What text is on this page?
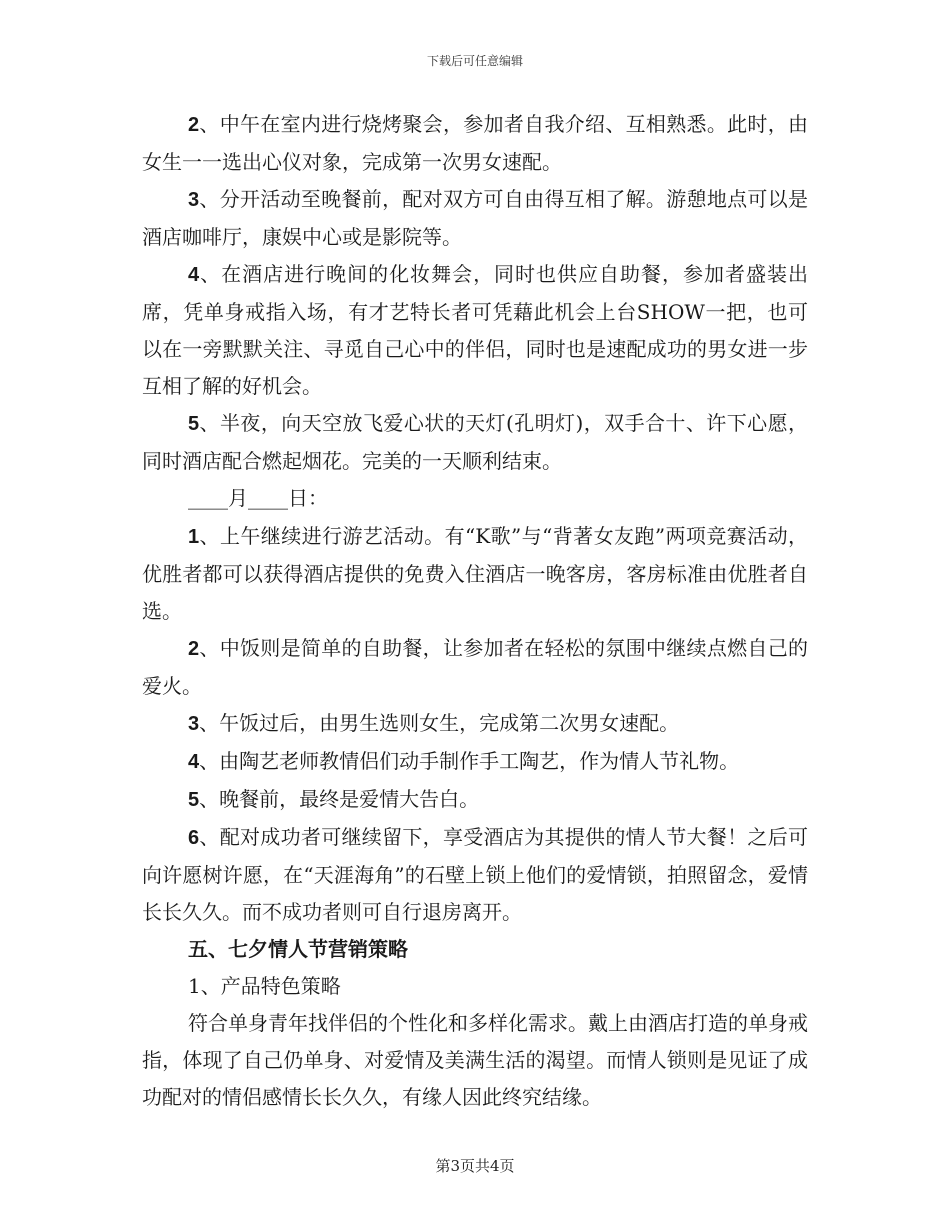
下载后可任意编辑

2、中午在室内进行烧烤聚会，参加者自我介绍、互相熟悉。此时，由女生一一选出心仪对象，完成第一次男女速配。

3、分开活动至晚餐前，配对双方可自由得互相了解。游憩地点可以是酒店咖啡厅，康娱中心或是影院等。

4、在酒店进行晚间的化妆舞会，同时也供应自助餐，参加者盛装出席，凭单身戒指入场，有才艺特长者可凭藉此机会上台SHOW一把，也可以在一旁默默关注、寻觅自己心中的伴侣，同时也是速配成功的男女进一步互相了解的好机会。

5、半夜，向天空放飞爱心状的天灯(孔明灯)，双手合十、许下心愿，同时酒店配合燃起烟花。完美的一天顺利结束。

____月____日：

1、上午继续进行游艺活动。有“K歌”与“背著女友跑”两项竞赛活动，优胜者都可以获得酒店提供的免费入住酒店一晚客房，客房标准由优胜者自选。

2、中饭则是简单的自助餐，让参加者在轻松的氛围中继续点燃自己的爱火。

3、午饭过后，由男生选则女生，完成第二次男女速配。

4、由陶艺老师教情侣们动手制作手工陶艺，作为情人节礼物。

5、晚餐前，最终是爱情大告白。

6、配对成功者可继续留下，享受酒店为其提供的情人节大餐！之后可向许愿树许愿，在“天涯海角”的石壁上锁上他们的爱情锁，拍照留念，爱情长长久久。而不成功者则可自行退房离开。

五、七夕情人节营销策略

1、产品特色策略

符合单身青年找伴侣的个性化和多样化需求。戴上由酒店打造的单身戒指，体现了自己仍单身、对爱情及美满生活的渴望。而情人锁则是见证了成功配对的情侣感情长长久久，有缘人因此终究结缘。

第3页共4页
